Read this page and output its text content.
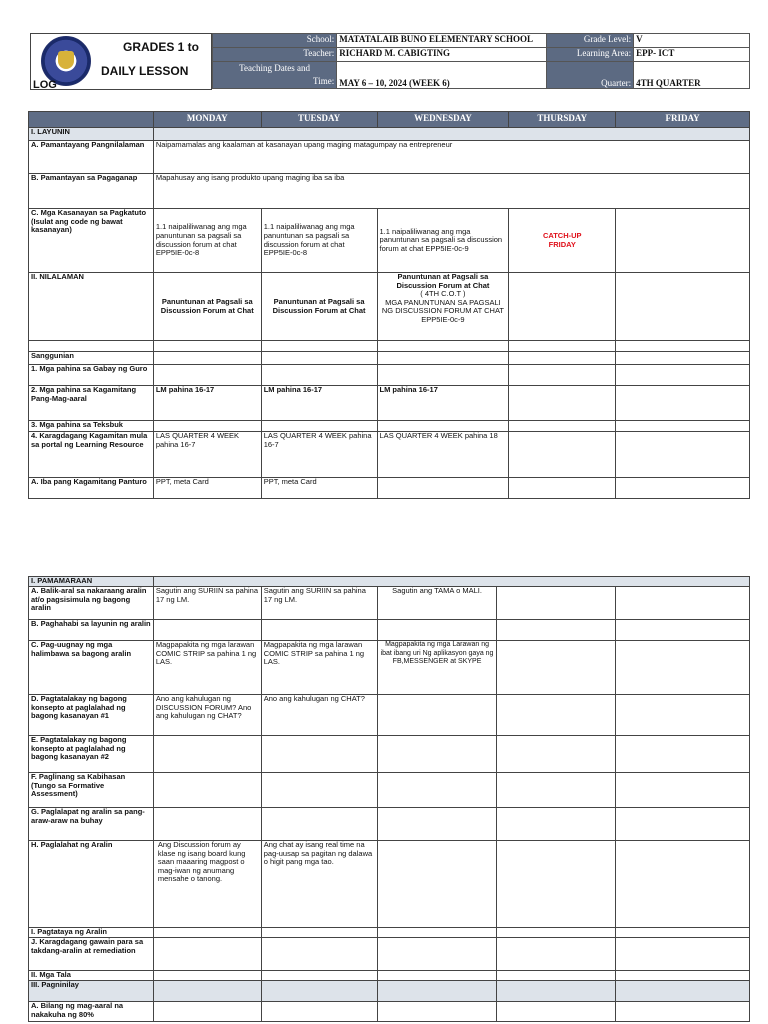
GRADES 1 to
DAILY LESSON
LOG
School:	MATATALAIB BUNO ELEMENTARY SCHOOL	Grade Level:	V
Teacher:	RICHARD M. CABIGTING	Learning Area:	EPP- ICT
Teaching Dates and

Time:	MAY 6 – 10, 2024 (WEEK 6)	Quarter:	4TH QUARTER
	MONDAY	TUESDAY	WEDNESDAY	THURSDAY	FRIDAY
I. LAYUNIN					
A. Pamantayang Pangnilalaman	Naipamamalas ang kaalaman at kasanayan upang maging matagumpay na entrepreneur				
B. Pamantayan sa Pagaganap	Mapahusay ang isang produkto upang maging iba sa iba				
C. Mga Kasanayan sa Pagkatuto (Isulat ang code ng bawat kasanayan)	1.1 naipaliliwanag ang mga panuntunan sa pagsali sa discussion forum at chat EPP5IE-0c-8	1.1 naipaliliwanag ang mga panuntunan sa pagsali sa discussion forum at chat EPP5IE-0c-8	1.1 naipaliliwanag ang mga panuntunan sa pagsali sa discussion forum at chat EPP5IE-0c-9	CATCH-UP
FRIDAY	

II. NILALAMAN	Panuntunan at Pagsali sa Discussion Forum at Chat	Panuntunan at Pagsali sa Discussion Forum at Chat	Panuntunan at Pagsali sa Discussion Forum at Chat
( 4TH C.O.T )
MGA PANUNTUNAN SA PAGSALI NG DISCUSSION FORUM AT CHAT
EPP5IE-0c-9		

Sanggunian					
1. Mga pahina sa Gabay ng Guro					
2. Mga pahina sa Kagamitang Pang-Mag-aaral	LM pahina 16-17	LM pahina 16-17	LM pahina 16-17		
3. Mga pahina sa Teksbuk					
4. Karagdagang Kagamitan mula sa portal ng Learning Resource	LAS QUARTER 4 WEEK pahina 16-7	LAS QUARTER 4 WEEK pahina 16-7	LAS QUARTER 4 WEEK pahina 18		
A. Iba pang Kagamitang Panturo	PPT, meta Card	PPT, meta Card			
I. PAMAMARAAN					
A. Balik-aral sa nakaraang aralin at/o pagsisimula ng bagong aralin	Sagutin ang SURIIN sa pahina 17 ng LM.	Sagutin ang SURIIN sa pahina 17 ng LM.	Sagutin ang TAMA o MALI.		
B. Paghahabi sa layunin ng aralin					
C. Pag-uugnay ng mga halimbawa sa bagong aralin	Magpapakita ng mga larawan COMIC STRIP sa pahina 1 ng LAS.	Magpapakita ng mga larawan COMIC STRIP sa pahina 1 ng LAS.	Magpapakita ng mga Larawan ng ibat ibang uri Ng aplikasyon gaya ng FB,MESSENGER at SKYPE		
D. Pagtatalakay ng bagong konsepto at paglalahad ng bagong kasanayan #1	Ano ang kahulugan ng DISCUSSION FORUM? Ano ang kahulugan ng CHAT?	Ano ang kahulugan ng CHAT?			
E. Pagtatalakay ng bagong konsepto at paglalahad ng bagong kasanayan #2					
F. Paglinang sa Kabihasan (Tungo sa Formative Assessment)					
G. Paglalapat ng aralin sa pang-araw-araw na buhay					
H. Paglalahat ng Aralin	Ang Discussion forum ay klase ng isang board kung saan maaaring magpost o mag-iwan ng anumang mensahe o tanong.	Ang chat ay isang real time na pag-uusap sa pagitan ng dalawa o higit pang mga tao.			
I. Pagtataya ng Aralin					
J. Karagdagang gawain para sa takdang-aralin at remediation					
II. Mga Tala					
III. Pagninilay					
A. Bilang ng mag-aaral na nakakuha ng 80%					
